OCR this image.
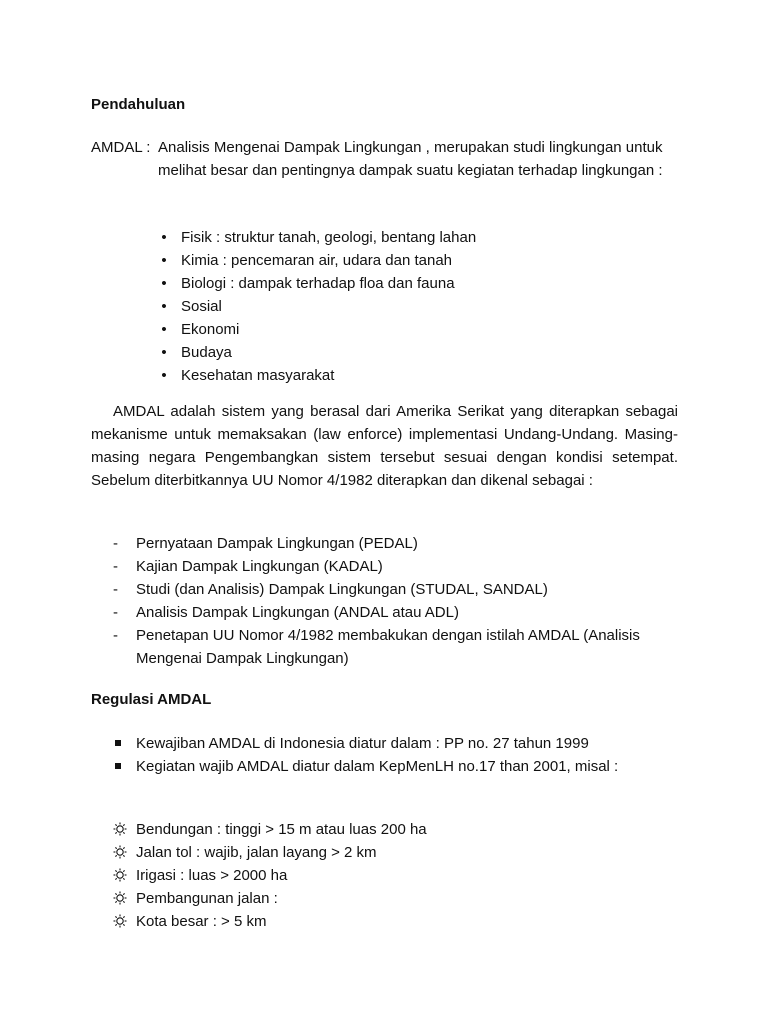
Pendahuluan
AMDAL : Analisis Mengenai Dampak Lingkungan , merupakan studi lingkungan untuk melihat besar dan pentingnya dampak suatu kegiatan terhadap lingkungan :
• Fisik : struktur tanah, geologi, bentang lahan
• Kimia : pencemaran air, udara dan tanah
• Biologi : dampak terhadap floa dan fauna
• Sosial
• Ekonomi
• Budaya
• Kesehatan masyarakat

AMDAL adalah sistem yang berasal dari Amerika Serikat yang diterapkan sebagai mekanisme untuk memaksakan (law enforce) implementasi Undang-Undang. Masing-masing negara Pengembangkan sistem tersebut sesuai dengan kondisi setempat. Sebelum diterbitkannya UU Nomor 4/1982 diterapkan dan dikenal sebagai :

- Pernyataan Dampak Lingkungan (PEDAL)
- Kajian Dampak Lingkungan (KADAL)
- Studi (dan Analisis) Dampak Lingkungan (STUDAL, SANDAL)
- Analisis Dampak Lingkungan (ANDAL atau ADL)
- Penetapan UU Nomor 4/1982 membakukan dengan istilah AMDAL (Analisis Mengenai Dampak Lingkungan)
Regulasi AMDAL
Kewajiban AMDAL di Indonesia diatur dalam : PP no. 27 tahun 1999
Kegiatan wajib AMDAL diatur dalam KepMenLH no.17 than 2001, misal :
Bendungan : tinggi > 15 m atau luas 200 ha
Jalan tol : wajib, jalan layang > 2 km
Irigasi : luas > 2000 ha
Pembangunan jalan :
Kota besar : > 5 km
